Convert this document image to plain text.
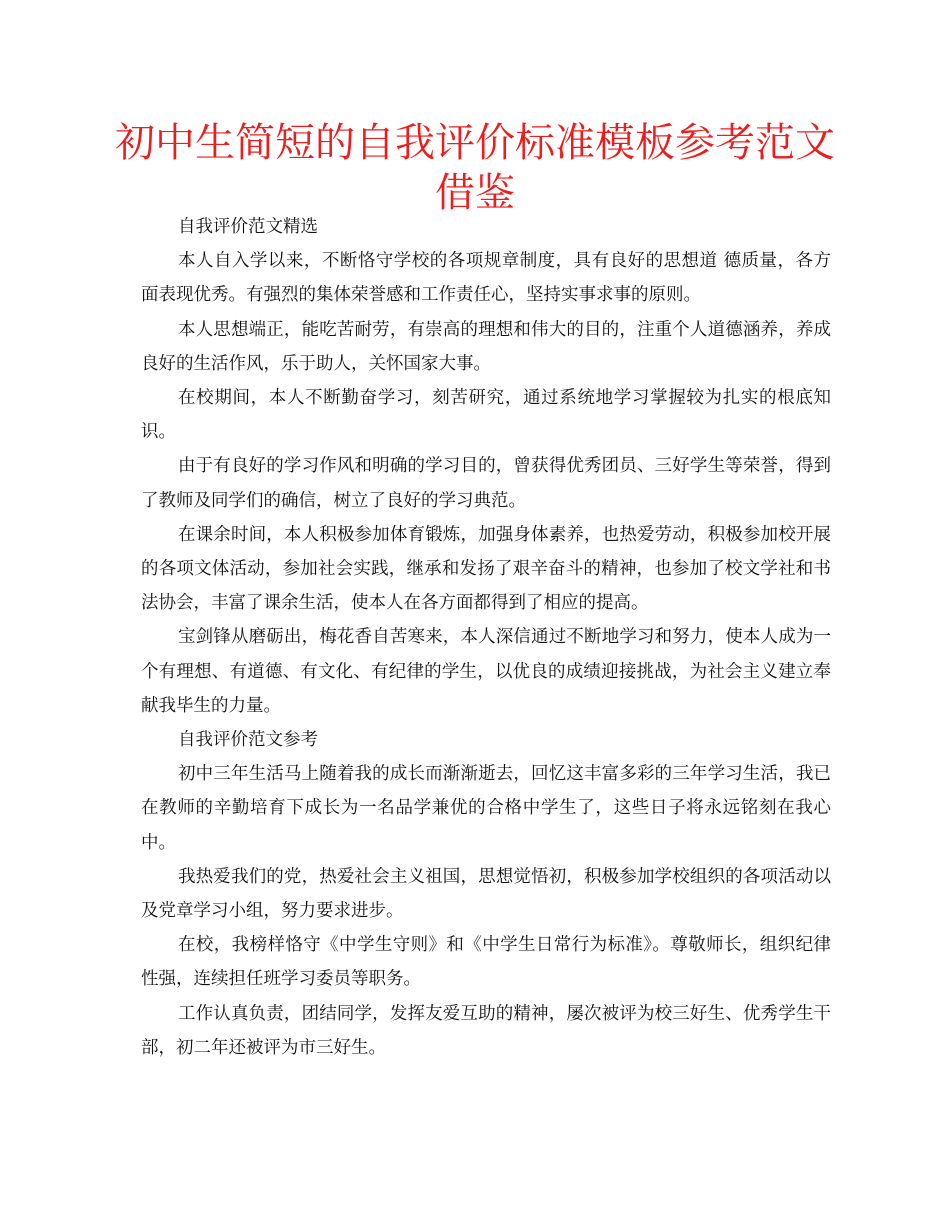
初中生简短的自我评价标准模板参考范文借鉴

自我评价范文精选

本人自入学以来，不断恪守学校的各项规章制度，具有良好的思想道 德质量，各方面表现优秀。有强烈的集体荣誉感和工作责任心，坚持实事求事的原则。

本人思想端正，能吃苦耐劳，有崇高的理想和伟大的目的，注重个人道德涵养，养成良好的生活作风，乐于助人，关怀国家大事。

在校期间，本人不断勤奋学习，刻苦研究，通过系统地学习掌握较为扎实的根底知识。

由于有良好的学习作风和明确的学习目的，曾获得优秀团员、三好学生等荣誉，得到了教师及同学们的确信，树立了良好的学习典范。

在课余时间，本人积极参加体育锻炼，加强身体素养，也热爱劳动，积极参加校开展的各项文体活动，参加社会实践，继承和发扬了艰辛奋斗的精神，也参加了校文学社和书法协会，丰富了课余生活，使本人在各方面都得到了相应的提高。

宝剑锋从磨砺出，梅花香自苦寒来，本人深信通过不断地学习和努力，使本人成为一个有理想、有道德、有文化、有纪律的学生，以优良的成绩迎接挑战，为社会主义建立奉献我毕生的力量。

自我评价范文参考

初中三年生活马上随着我的成长而渐渐逝去，回忆这丰富多彩的三年学习生活，我已在教师的辛勤培育下成长为一名品学兼优的合格中学生了，这些日子将永远铭刻在我心中。

我热爱我们的党，热爱社会主义祖国，思想觉悟初，积极参加学校组织的各项活动以及党章学习小组，努力要求进步。

在校，我榜样恪守《中学生守则》和《中学生日常行为标准》。尊敬师长，组织纪律性强，连续担任班学习委员等职务。

工作认真负责，团结同学，发挥友爱互助的精神，屡次被评为校三好生、优秀学生干部，初二年还被评为市三好生。
